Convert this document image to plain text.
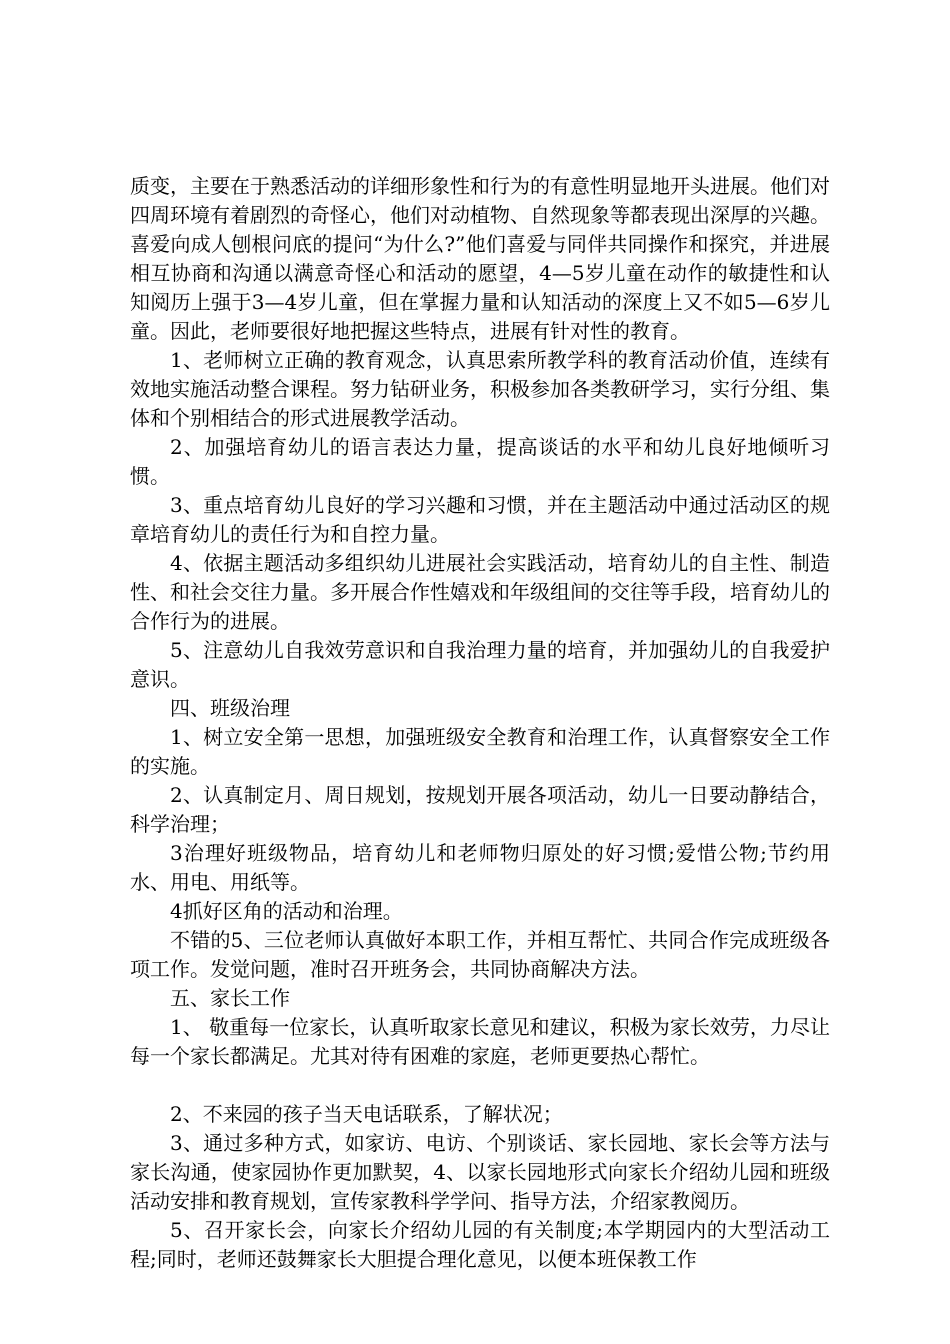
质变，主要在于熟悉活动的详细形象性和行为的有意性明显地开头进展。他们对四周环境有着剧烈的奇怪心，他们对动植物、自然现象等都表现出深厚的兴趣。喜爱向成人刨根问底的提问“为什么?”他们喜爱与同伴共同操作和探究，并进展相互协商和沟通以满意奇怪心和活动的愿望，4—5岁儿童在动作的敏捷性和认知阅历上强于3—4岁儿童，但在掌握力量和认知活动的深度上又不如5—6岁儿童。因此，老师要很好地把握这些特点，进展有针对性的教育。

1、老师树立正确的教育观念，认真思索所教学科的教育活动价值，连续有效地实施活动整合课程。努力钻研业务，积极参加各类教研学习，实行分组、集体和个别相结合的形式进展教学活动。

2、加强培育幼儿的语言表达力量，提高谈话的水平和幼儿良好地倾听习惯。

3、重点培育幼儿良好的学习兴趣和习惯，并在主题活动中通过活动区的规章培育幼儿的责任行为和自控力量。

4、依据主题活动多组织幼儿进展社会实践活动，培育幼儿的自主性、制造性、和社会交往力量。多开展合作性嬉戏和年级组间的交往等手段，培育幼儿的合作行为的进展。

5、注意幼儿自我效劳意识和自我治理力量的培育，并加强幼儿的自我爱护意识。

四、班级治理

1、树立安全第一思想，加强班级安全教育和治理工作，认真督察安全工作的实施。

2、认真制定月、周日规划，按规划开展各项活动，幼儿一日要动静结合，科学治理；

3治理好班级物品，培育幼儿和老师物归原处的好习惯;爱惜公物;节约用水、用电、用纸等。

4抓好区角的活动和治理。

不错的5、三位老师认真做好本职工作，并相互帮忙、共同合作完成班级各项工作。发觉问题，准时召开班务会，共同协商解决方法。

五、家长工作

1、 敬重每一位家长，认真听取家长意见和建议，积极为家长效劳，力尽让每一个家长都满足。尤其对待有困难的家庭，老师更要热心帮忙。

2、不来园的孩子当天电话联系，了解状况；

3、通过多种方式，如家访、电访、个别谈话、家长园地、家长会等方法与家长沟通，使家园协作更加默契，4、以家长园地形式向家长介绍幼儿园和班级活动安排和教育规划，宣传家教科学学问、指导方法，介绍家教阅历。

5、召开家长会，向家长介绍幼儿园的有关制度;本学期园内的大型活动工程;同时，老师还鼓舞家长大胆提合理化意见，以便本班保教工作
